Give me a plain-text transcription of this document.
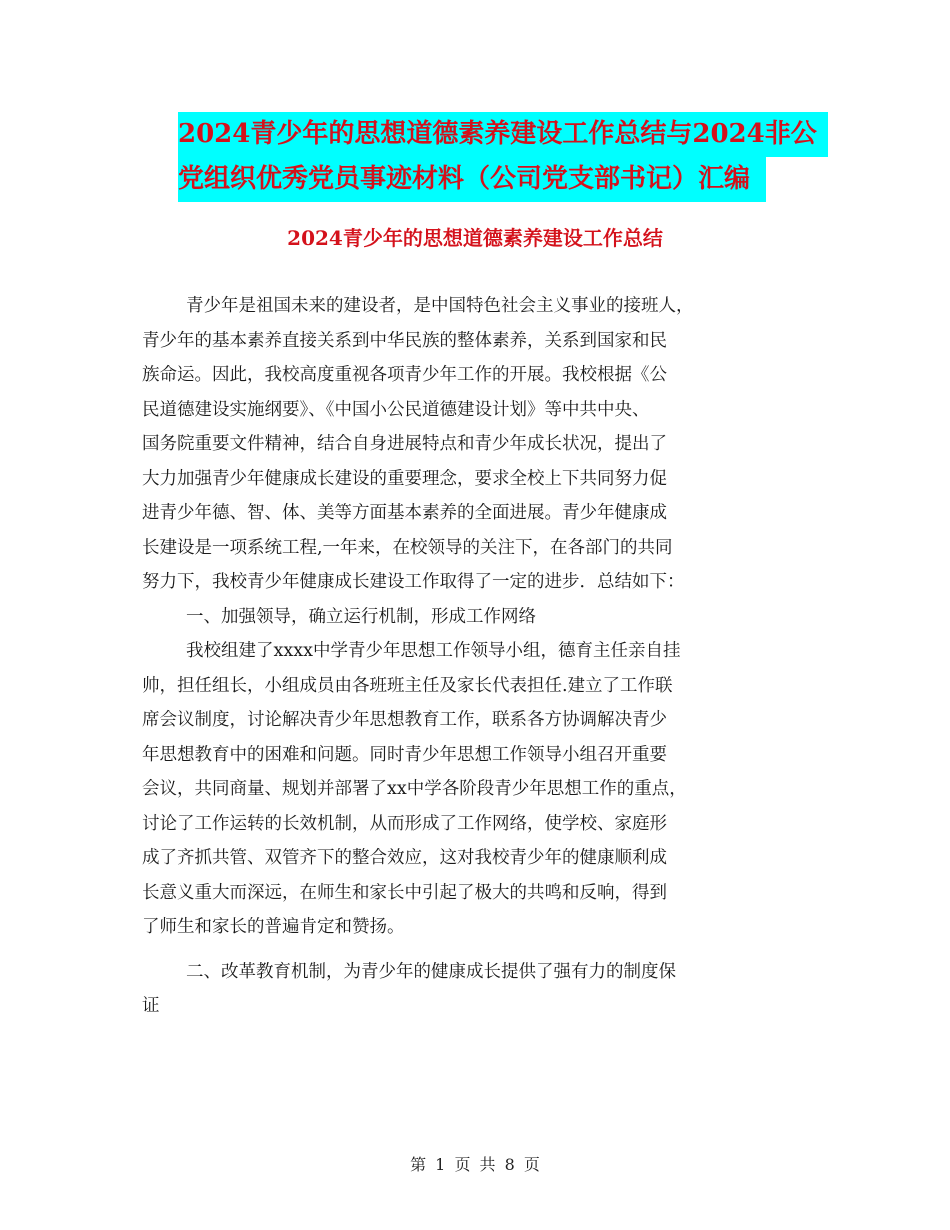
2024青少年的思想道德素养建设工作总结与2024非公
党组织优秀党员事迹材料（公司党支部书记）汇编
2024青少年的思想道德素养建设工作总结
青少年是祖国未来的建设者，是中国特色社会主义事业的接班人，
青少年的基本素养直接关系到中华民族的整体素养，关系到国家和民
族命运。因此，我校高度重视各项青少年工作的开展。我校根据《公
民道德建设实施纲要》、《中国小公民道德建设计划》等中共中央、
国务院重要文件精神，结合自身进展特点和青少年成长状况，提出了
大力加强青少年健康成长建设的重要理念，要求全校上下共同努力促
进青少年德、智、体、美等方面基本素养的全面进展。青少年健康成
长建设是一项系统工程,一年来，在校领导的关注下，在各部门的共同
努力下，我校青少年健康成长建设工作取得了一定的进步．总结如下：
一、加强领导，确立运行机制，形成工作网络
我校组建了xxxx中学青少年思想工作领导小组，德育主任亲自挂
帅，担任组长，小组成员由各班班主任及家长代表担任.建立了工作联
席会议制度，讨论解决青少年思想教育工作，联系各方协调解决青少
年思想教育中的困难和问题。同时青少年思想工作领导小组召开重要
会议，共同商量、规划并部署了xx中学各阶段青少年思想工作的重点，
讨论了工作运转的长效机制，从而形成了工作网络，使学校、家庭形
成了齐抓共管、双管齐下的整合效应，这对我校青少年的健康顺利成
长意义重大而深远，在师生和家长中引起了极大的共鸣和反响，得到
了师生和家长的普遍肯定和赞扬。
二、改革教育机制，为青少年的健康成长提供了强有力的制度保
证
第 1 页 共 8 页
